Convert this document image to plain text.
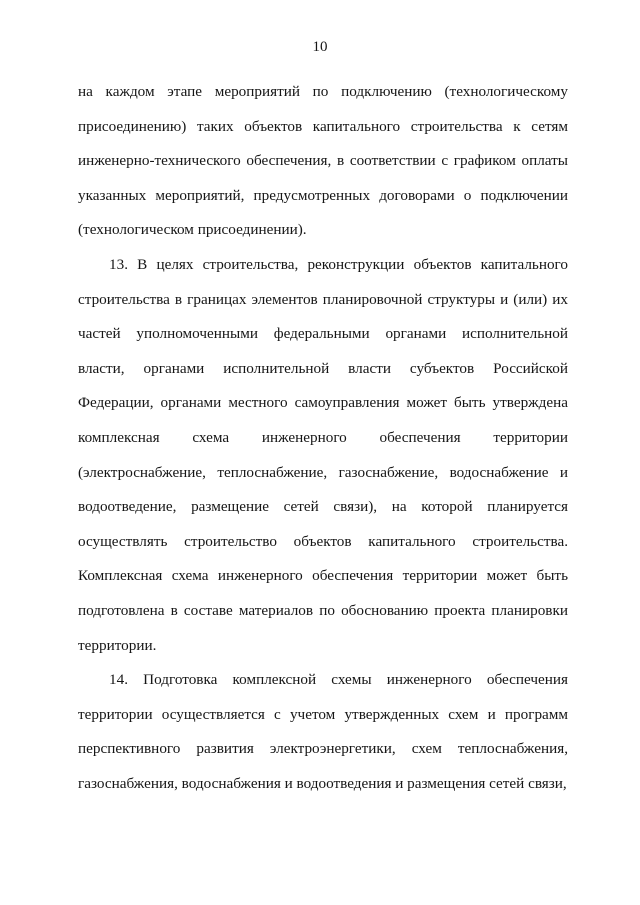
10

на каждом этапе мероприятий по подключению (технологическому присоединению) таких объектов капитального строительства к сетям инженерно-технического обеспечения, в соответствии с графиком оплаты указанных мероприятий, предусмотренных договорами о подключении (технологическом присоединении).

13. В целях строительства, реконструкции объектов капитального строительства в границах элементов планировочной структуры и (или) их частей уполномоченными федеральными органами исполнительной власти, органами исполнительной власти субъектов Российской Федерации, органами местного самоуправления может быть утверждена комплексная схема инженерного обеспечения территории (электроснабжение, теплоснабжение, газоснабжение, водоснабжение и водоотведение, размещение сетей связи), на которой планируется осуществлять строительство объектов капитального строительства. Комплексная схема инженерного обеспечения территории может быть подготовлена в составе материалов по обоснованию проекта планировки территории.

14. Подготовка комплексной схемы инженерного обеспечения территории осуществляется с учетом утвержденных схем и программ перспективного развития электроэнергетики, схем теплоснабжения, газоснабжения, водоснабжения и водоотведения и размещения сетей связи,
